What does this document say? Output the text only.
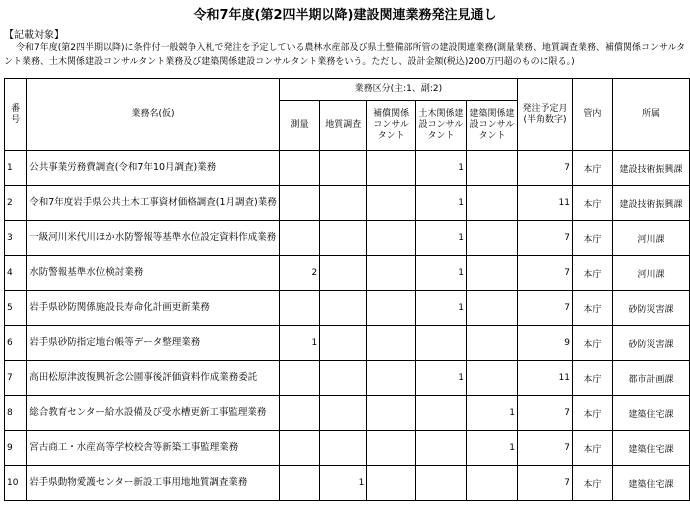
令和7年度(第2四半期以降)建設関連業務発注見通し
【記載対象】
令和7年度(第2四半期以降)に条件付一般競争入札で発注を予定している農林水産部及び県土整備部所管の建設関連業務(測量業務、地質調査業務、補償関係コンサルタント業務、土木関係建設コンサルタント業務及び建築関係建設コンサルタント業務をいう。ただし、設計金額(税込)200万円超のものに限る。)
番号	業務名(仮)	業務区分(主:1、副:2)					発注予定月(半角数字)	管内	所属
		測量	地質調査	補償関係コンサルタント	土木関係建設コンサルタント	建築関係建設コンサルタント			
1	公共事業労務費調査(令和7年10月調査)業務				1		7	本庁	建設技術振興課
2	令和7年度岩手県公共土木工事資材価格調査(1月調査)業務				1		11	本庁	建設技術振興課
3	一級河川米代川ほか水防警報等基準水位設定資料作成業務				1		7	本庁	河川課
4	水防警報基準水位検討業務	2			1		7	本庁	河川課
5	岩手県砂防関係施設長寿命化計画更新業務				1		7	本庁	砂防災害課
6	岩手県砂防指定地台帳等データ整理業務	1					9	本庁	砂防災害課
7	高田松原津波復興祈念公園事後評価資料作成業務委託				1		11	本庁	都市計画課
8	総合教育センター給水設備及び受水槽更新工事監理業務					1	7	本庁	建築住宅課
9	宮古商工・水産高等学校校舎等新築工事監理業務					1	7	本庁	建築住宅課
10	岩手県動物愛護センター新設工事用地地質調査業務		1				7	本庁	建築住宅課
